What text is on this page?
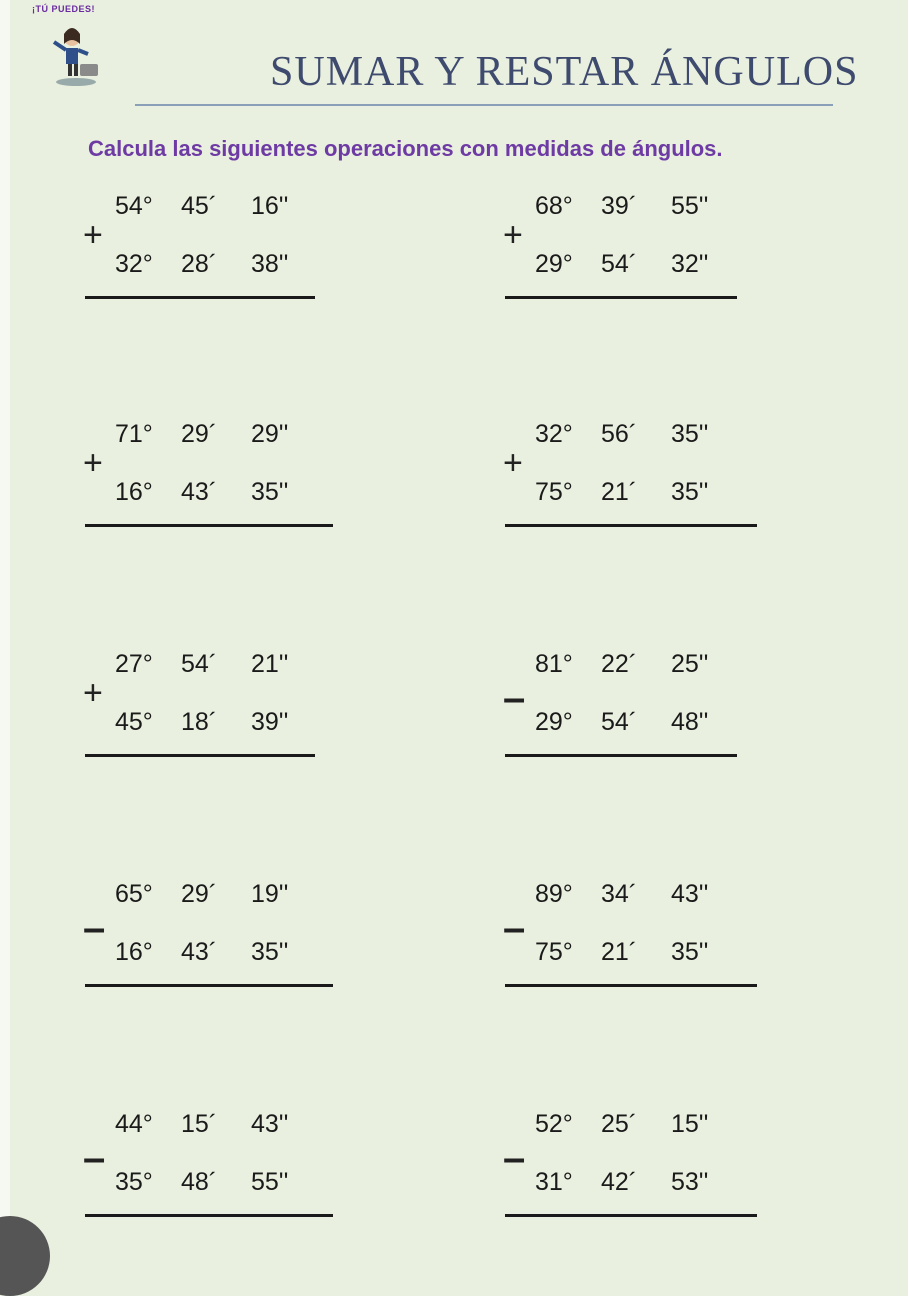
¡TÚ PUEDES!
SUMAR Y RESTAR ÁNGULOS
Calcula las siguientes operaciones con medidas de ángulos.
+
54° 45´ 16''
32° 28´ 38''
+
68° 39´ 55''
29° 54´ 32''
+
71° 29´ 29''
16° 43´ 35''
+
32° 56´ 35''
75° 21´ 35''
+
27° 54´ 21''
45° 18´ 39''
–
81° 22´ 25''
29° 54´ 48''
–
65° 29´ 19''
16° 43´ 35''
–
89° 34´ 43''
75° 21´ 35''
–
44° 15´ 43''
35° 48´ 55''
–
52° 25´ 15''
31° 42´ 53''
